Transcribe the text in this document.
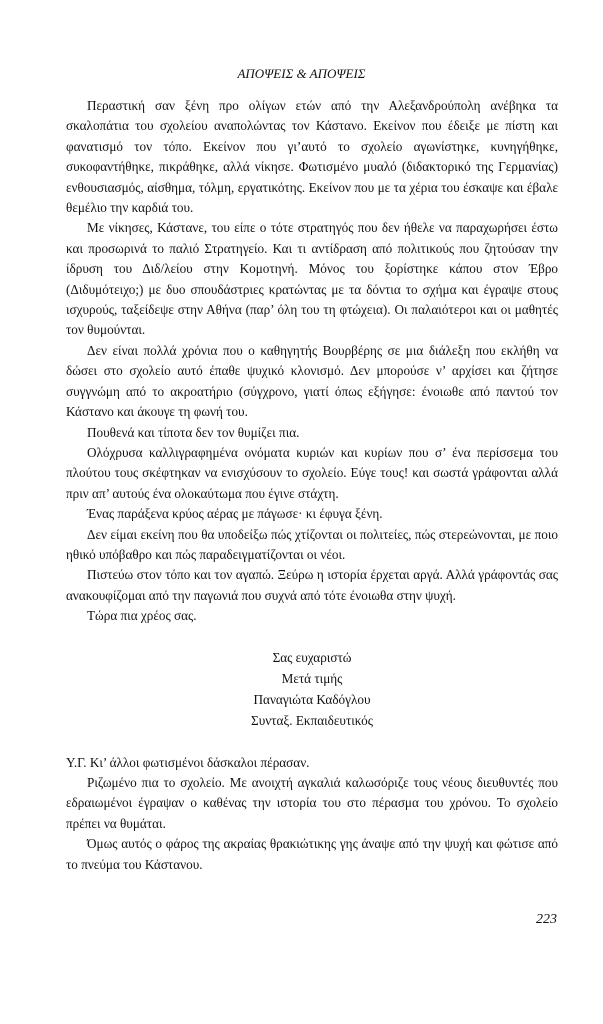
ΑΠΟΨΕΙΣ & ΑΠΟΨΕΙΣ

Περαστική σαν ξένη προ ολίγων ετών από την Αλεξανδρούπολη ανέβηκα τα σκαλοπάτια του σχολείου αναπολώντας τον Κάστανο. Εκείνον που έδειξε με πίστη και φανατισμό τον τόπο. Εκείνον που γι’αυτό το σχολείο αγωνίστηκε, κυνηγήθηκε, συκοφαντήθηκε, πικράθηκε, αλλά νίκησε. Φωτισμένο μυαλό (διδακτορικό της Γερμανίας) ενθουσιασμός, αίσθημα, τόλμη, εργατικότης. Εκείνον που με τα χέρια του έσκαψε και έβαλε θεμέλιο την καρδιά του.

Με νίκησες, Κάστανε, του είπε ο τότε στρατηγός που δεν ήθελε να παραχωρήσει έστω και προσωρινά το παλιό Στρατηγείο. Και τι αντίδραση από πολιτικούς που ζητούσαν την ίδρυση του Διδ/λείου στην Κομοτηνή. Μόνος του ξορίστηκε κάπου στον Έβρο (Διδυμότειχο;) με δυο σπουδάστριες κρατώντας με τα δόντια το σχήμα και έγραψε στους ισχυρούς, ταξείδεψε στην Αθήνα (παρ’ όλη του τη φτώχεια). Οι παλαιότεροι και οι μαθητές τον θυμούνται.

Δεν είναι πολλά χρόνια που ο καθηγητής Βουρβέρης σε μια διάλεξη που εκλήθη να δώσει στο σχολείο αυτό έπαθε ψυχικό κλονισμό. Δεν μπορούσε ν’ αρχίσει και ζήτησε συγγνώμη από το ακροατήριο (σύγχρονο, γιατί όπως εξήγησε: ένοιωθε από παντού τον Κάστανο και άκουγε τη φωνή του.

Πουθενά και τίποτα δεν τον θυμίζει πια.

Ολόχρυσα καλλιγραφημένα ονόματα κυριών και κυρίων που σ’ ένα περίσσεμα του πλούτου τους σκέφτηκαν να ενισχύσουν το σχολείο. Εύγε τους! και σωστά γράφονται αλλά πριν απ’ αυτούς ένα ολοκαύτωμα που έγινε στάχτη.

Ένας παράξενα κρύος αέρας με πάγωσε· κι έφυγα ξένη.

Δεν είμαι εκείνη που θα υποδείξω πώς χτίζονται οι πολιτείες, πώς στερεώνονται, με ποιο ηθικό υπόβαθρο και πώς παραδειγματίζονται οι νέοι.

Πιστεύω στον τόπο και τον αγαπώ. Ξεύρω η ιστορία έρχεται αργά. Αλλά γράφοντάς σας ανακουφίζομαι από την παγωνιά που συχνά από τότε ένοιωθα στην ψυχή.

Τώρα πια χρέος σας.

Σας ευχαριστώ
Μετά τιμής
Παναγιώτα Καδόγλου
Συνταξ. Εκπαιδευτικός

Υ.Γ. Κι’ άλλοι φωτισμένοι δάσκαλοι πέρασαν.

Ριζωμένο πια το σχολείο. Με ανοιχτή αγκαλιά καλωσόριζε τους νέους διευθυντές που εδραιωμένοι έγραψαν ο καθένας την ιστορία του στο πέρασμα του χρόνου. Το σχολείο πρέπει να θυμάται.

Όμως αυτός ο φάρος της ακραίας θρακιώτικης γης άναψε από την ψυχή και φώτισε από το πνεύμα του Κάστανου.

223
